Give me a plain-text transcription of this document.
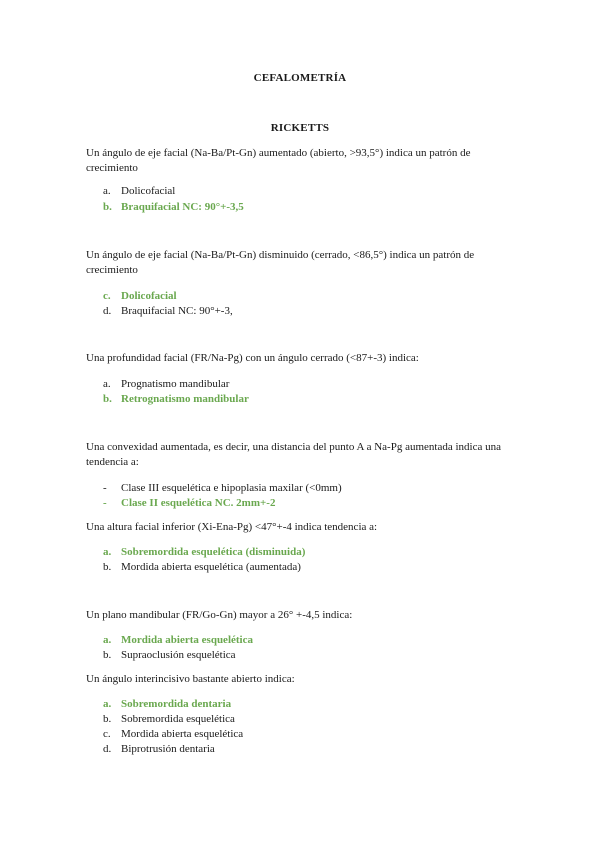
CEFALOMETRÍA
RICKETTS
Un ángulo de eje facial (Na-Ba/Pt-Gn) aumentado (abierto, >93,5°) indica un patrón de crecimiento
a. Dolicofacial
b. Braquifacial NC: 90°+-3,5
Un ángulo de eje facial (Na-Ba/Pt-Gn) disminuido (cerrado, <86,5°) indica un patrón de crecimiento
c. Dolicofacial
d. Braquifacial NC: 90°+-3,
Una profundidad facial (FR/Na-Pg) con un ángulo cerrado (<87+-3) indica:
a. Prognatismo mandibular
b. Retrognatismo mandibular
Una convexidad aumentada, es decir, una distancia del punto A a Na-Pg aumentada indica una tendencia a:
- Clase III esquelética e hipoplasia maxilar (<0mm)
- Clase II esquelética NC. 2mm+-2
Una altura facial inferior (Xi-Ena-Pg) <47°+-4 indica tendencia a:
a. Sobremordida esquelética (disminuida)
b. Mordida abierta esquelética (aumentada)
Un plano mandibular (FR/Go-Gn) mayor a 26° +-4,5 indica:
a. Mordida abierta esquelética
b. Supraoclusión esquelética
Un ángulo interincisivo bastante abierto indica:
a. Sobremordida dentaria
b. Sobremordida esquelética
c. Mordida abierta esquelética
d. Biprotrusión dentaria
